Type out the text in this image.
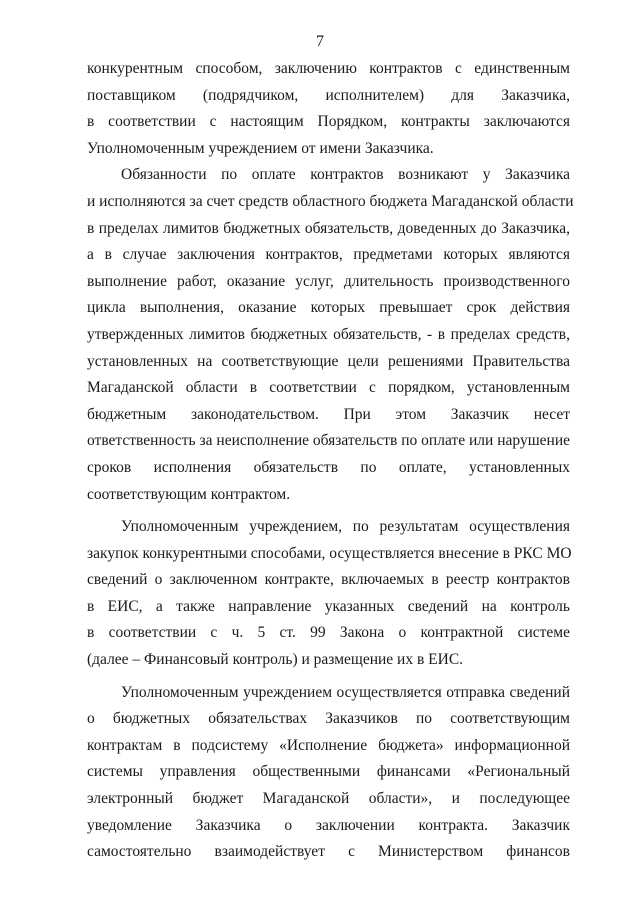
7
конкурентным способом, заключению контрактов с единственным
поставщиком (подрядчиком, исполнителем) для Заказчика,
в соответствии с настоящим Порядком, контракты заключаются
Уполномоченным учреждением от имени Заказчика.
Обязанности по оплате контрактов возникают у Заказчика
и исполняются за счет средств областного бюджета Магаданской области
в пределах лимитов бюджетных обязательств, доведенных до Заказчика,
а в случае заключения контрактов, предметами которых являются
выполнение работ, оказание услуг, длительность производственного
цикла выполнения, оказание которых превышает срок действия
утвержденных лимитов бюджетных обязательств, - в пределах средств,
установленных на соответствующие цели решениями Правительства
Магаданской области в соответствии с порядком, установленным
бюджетным законодательством. При этом Заказчик несет
ответственность за неисполнение обязательств по оплате или нарушение
сроков исполнения обязательств по оплате, установленных
соответствующим контрактом.
Уполномоченным учреждением, по результатам осуществления
закупок конкурентными способами, осуществляется внесение в РКС МО
сведений о заключенном контракте, включаемых в реестр контрактов
в ЕИС, а также направление указанных сведений на контроль
в соответствии с ч. 5 ст. 99 Закона о контрактной системе
(далее – Финансовый контроль) и размещение их в ЕИС.
Уполномоченным учреждением осуществляется отправка сведений
о бюджетных обязательствах Заказчиков по соответствующим
контрактам в подсистему «Исполнение бюджета» информационной
системы управления общественными финансами «Региональный
электронный бюджет Магаданской области», и последующее
уведомление Заказчика о заключении контракта. Заказчик
самостоятельно взаимодействует с Министерством финансов
